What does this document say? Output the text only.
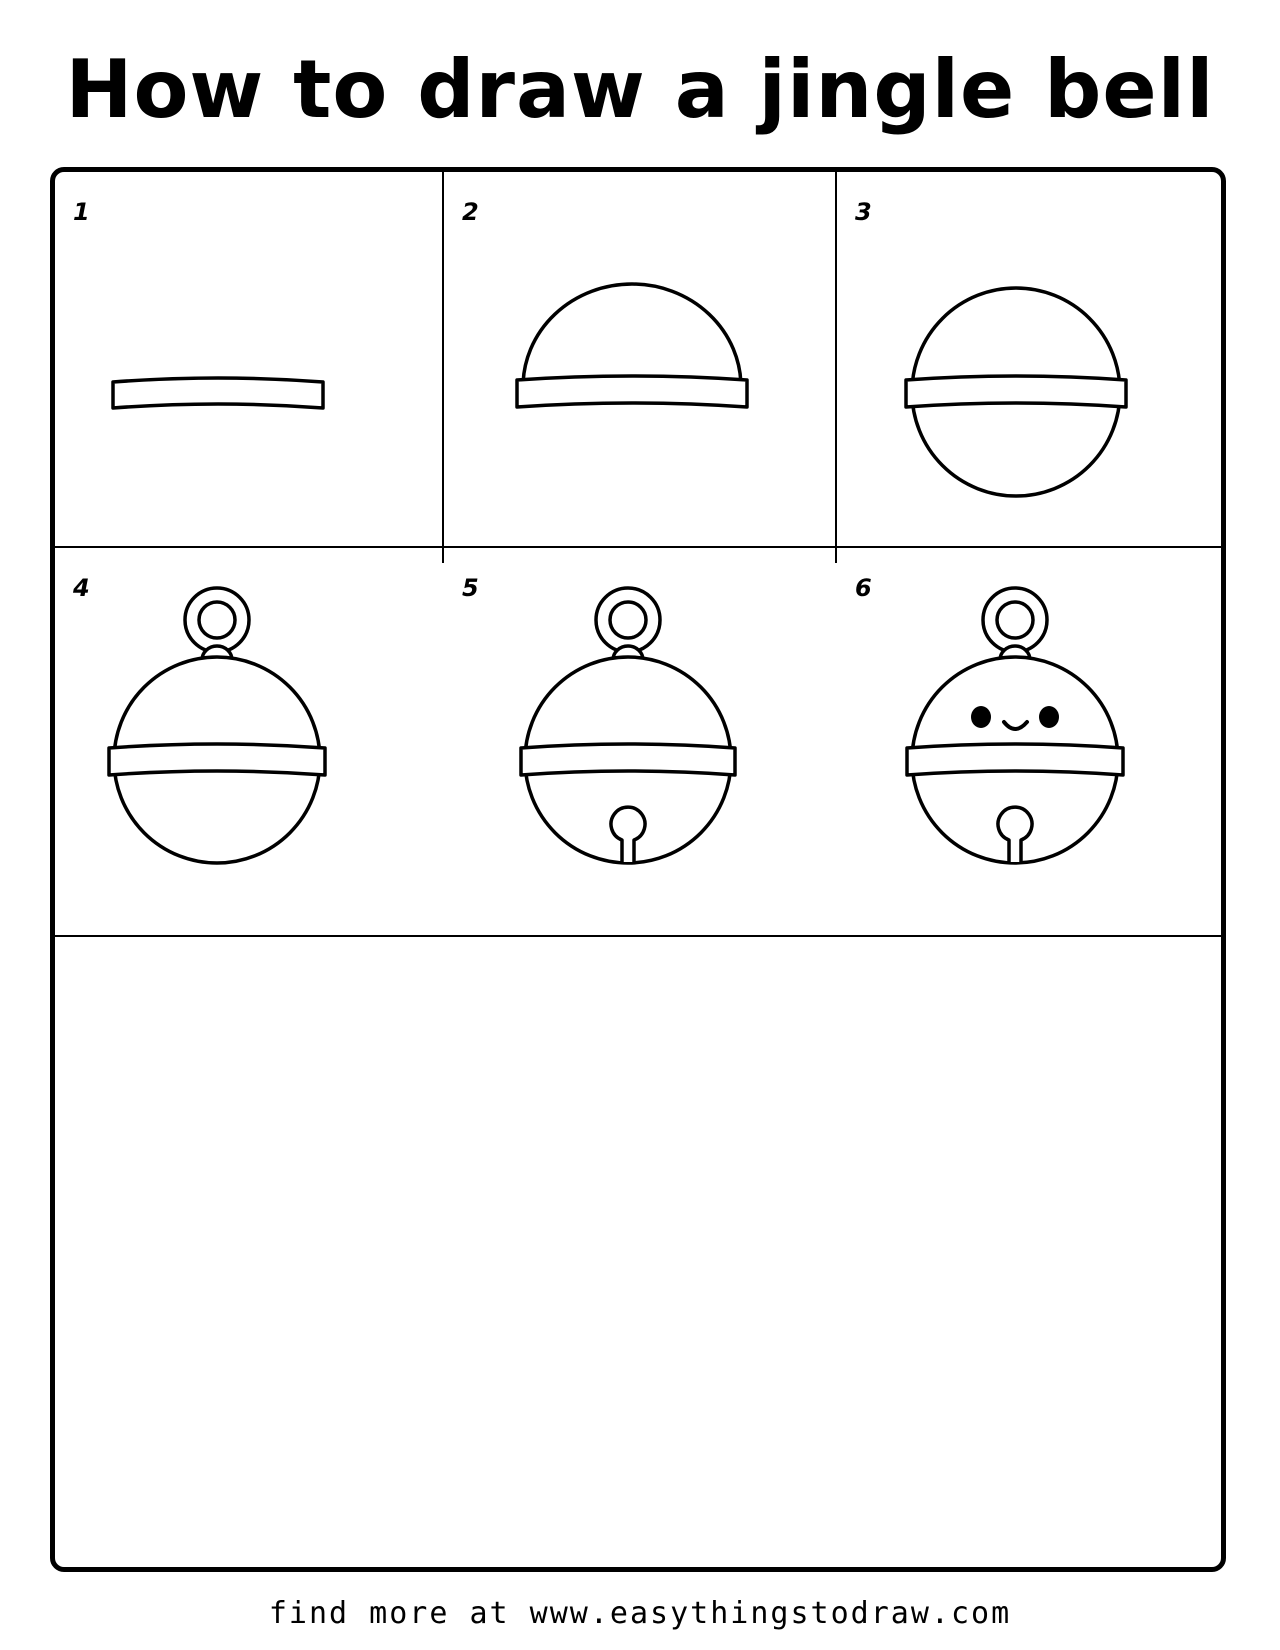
How to draw a jingle bell
1	2	3
4	5	6
find more at www.easythingstodraw.com
